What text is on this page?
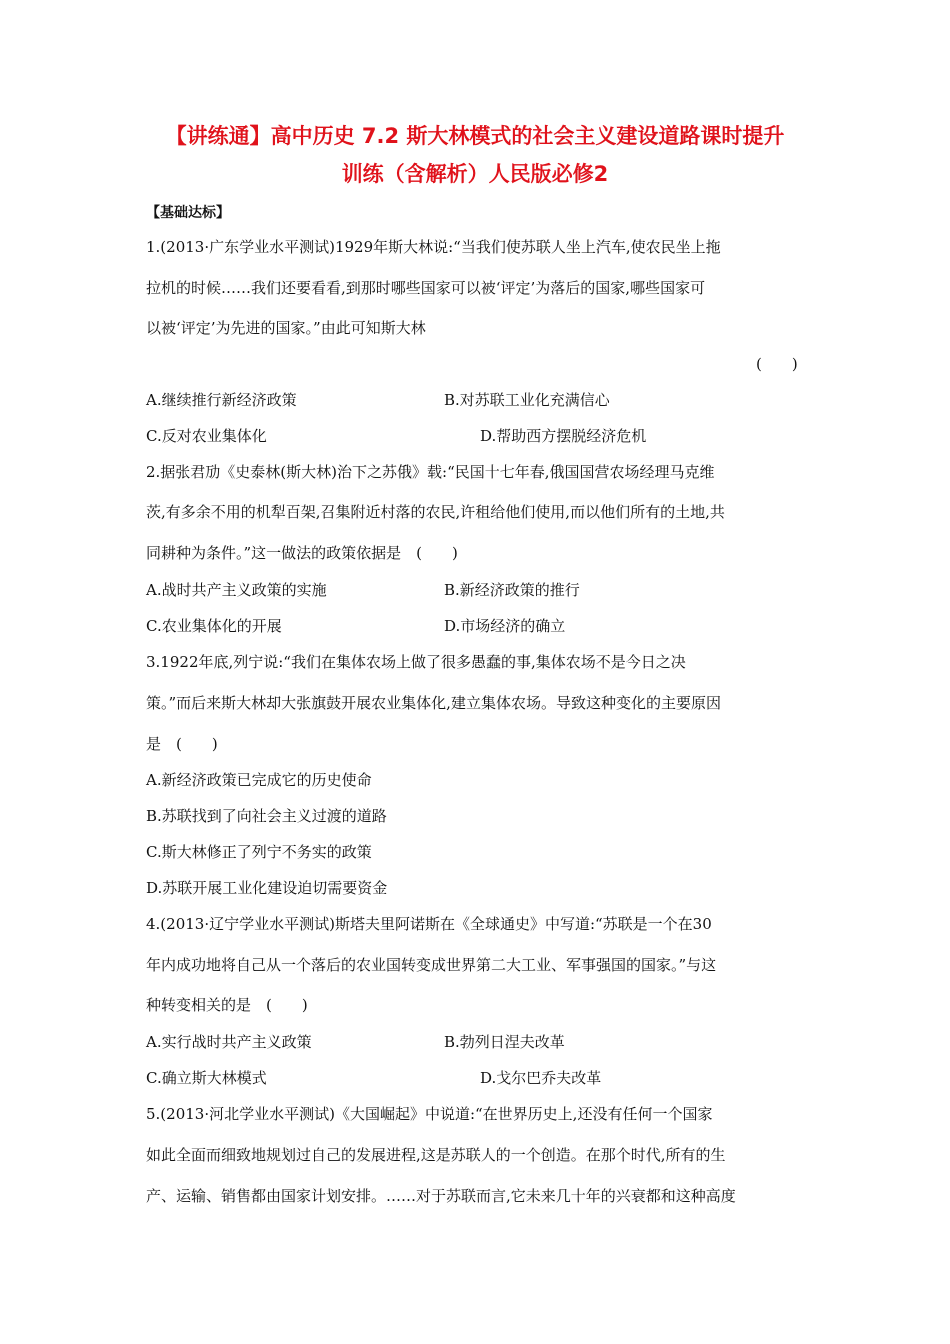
【讲练通】高中历史 7.2 斯大林模式的社会主义建设道路课时提升
训练（含解析）人民版必修2
【基础达标】
1.(2013·广东学业水平测试)1929年斯大林说:“当我们使苏联人坐上汽车,使农民坐上拖
拉机的时候……我们还要看看,到那时哪些国家可以被‘评定’为落后的国家,哪些国家可
以被‘评定’为先进的国家。”由此可知斯大林
(　　)
A.继续推行新经济政策	B.对苏联工业化充满信心
C.反对农业集体化	D.帮助西方摆脱经济危机
2.据张君劢《史泰林(斯大林)治下之苏俄》载:“民国十七年春,俄国国营农场经理马克维
茨,有多余不用的机犁百架,召集附近村落的农民,许租给他们使用,而以他们所有的土地,共
同耕种为条件。”这一做法的政策依据是　(　　)
A.战时共产主义政策的实施	B.新经济政策的推行
C.农业集体化的开展	D.市场经济的确立
3.1922年底,列宁说:“我们在集体农场上做了很多愚蠢的事,集体农场不是今日之决
策。”而后来斯大林却大张旗鼓开展农业集体化,建立集体农场。导致这种变化的主要原因
是　(　　)
A.新经济政策已完成它的历史使命
B.苏联找到了向社会主义过渡的道路
C.斯大林修正了列宁不务实的政策
D.苏联开展工业化建设迫切需要资金
4.(2013·辽宁学业水平测试)斯塔夫里阿诺斯在《全球通史》中写道:“苏联是一个在30
年内成功地将自己从一个落后的农业国转变成世界第二大工业、军事强国的国家。”与这
种转变相关的是　(　　)
A.实行战时共产主义政策	B.勃列日涅夫改革
C.确立斯大林模式	D.戈尔巴乔夫改革
5.(2013·河北学业水平测试)《大国崛起》中说道:“在世界历史上,还没有任何一个国家
如此全面而细致地规划过自己的发展进程,这是苏联人的一个创造。在那个时代,所有的生
产、运输、销售都由国家计划安排。……对于苏联而言,它未来几十年的兴衰都和这种高度
